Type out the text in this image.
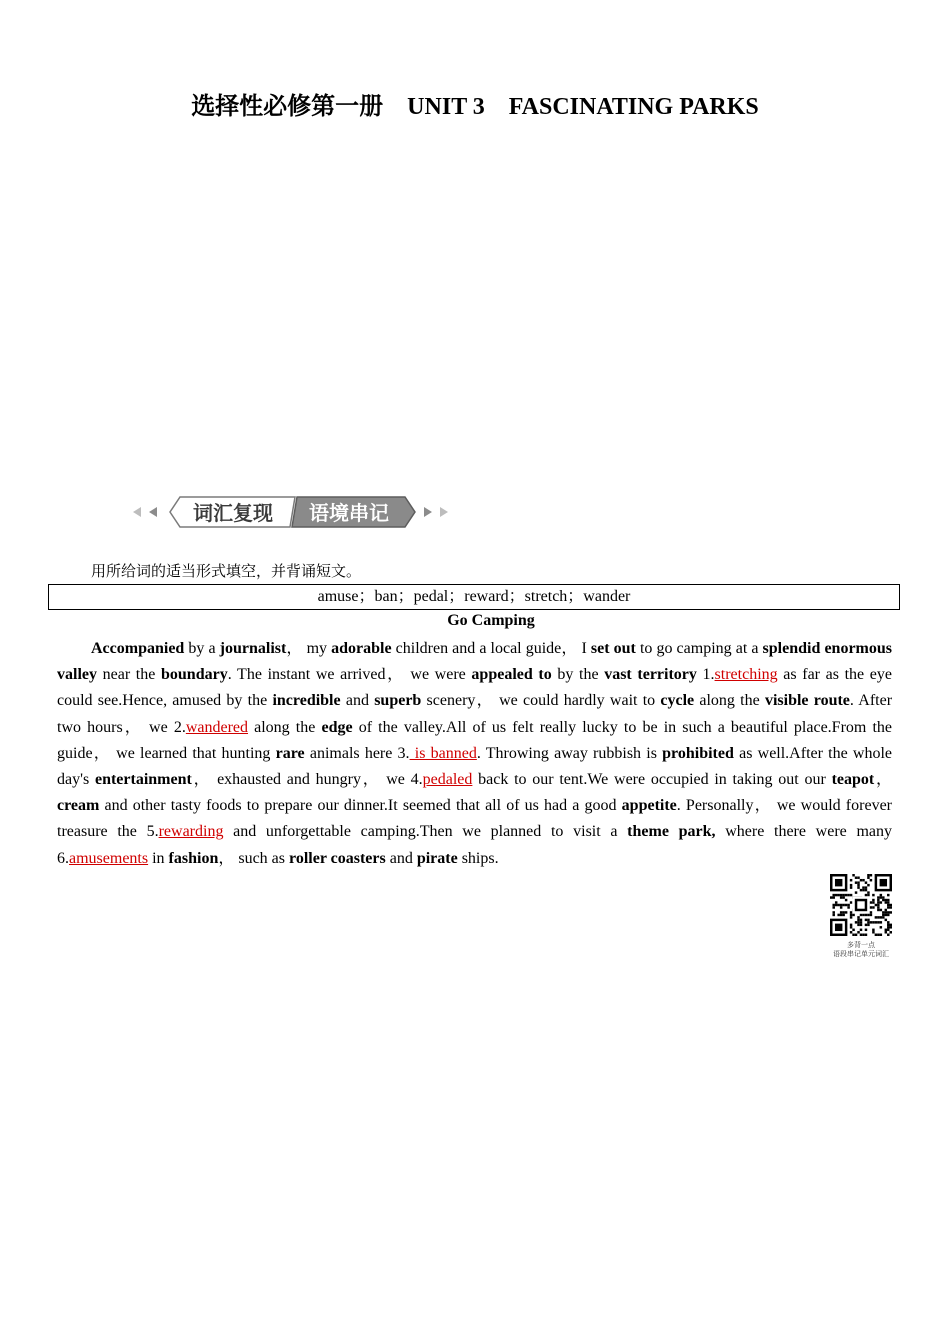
选择性必修第一册　UNIT 3　FASCINATING PARKS
词汇复现 语境串记
用所给词的适当形式填空，并背诵短文。
amuse；ban；pedal；reward；stretch；wander
Go Camping
Accompanied by a journalist， my adorable children and a local guide， I set out to go camping at a splendid enormous valley near the boundary. The instant we arrived， we were appealed to by the vast territory 1.stretching as far as the eye could see.Hence, amused by the incredible and superb scenery， we could hardly wait to cycle along the visible route. After two hours， we 2.wandered along the edge of the valley.All of us felt really lucky to be in such a beautiful place.From the guide， we learned that hunting rare animals here 3. is banned. Throwing away rubbish is prohibited as well.After the whole day's entertainment， exhausted and hungry， we 4.pedaled back to our tent.We were occupied in taking out our teapot， cream and other tasty foods to prepare our dinner.It seemed that all of us had a good appetite. Personally， we would forever treasure the 5.rewarding and unforgettable camping.Then we planned to visit a theme park, where there were many 6.amusements in fashion， such as roller coasters and pirate ships.
多背一点
语段串记单元词汇
